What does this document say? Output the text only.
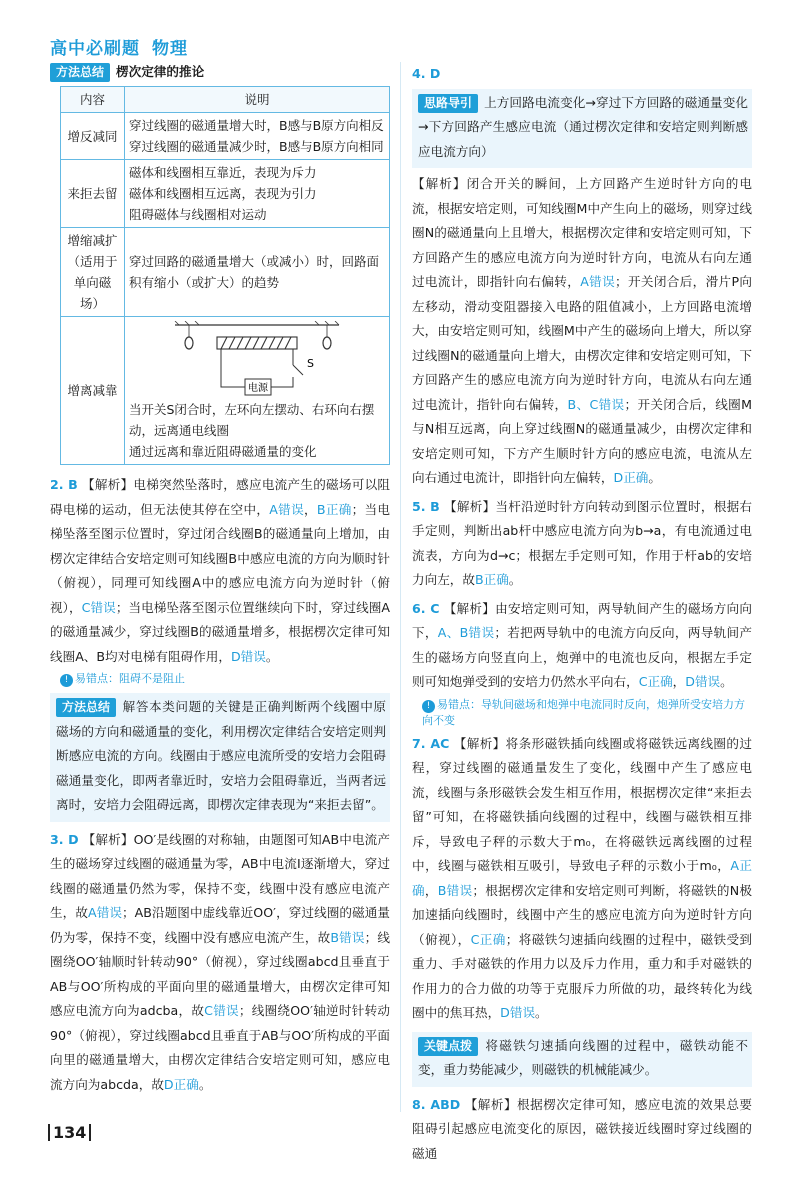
高中必刷题 物理
方法总结 楞次定律的推论
内容	说明
增反减同	穿过线圈的磁通量增大时，B感与B原方向相反
穿过线圈的磁通量减少时，B感与B原方向相同

来拒去留	磁体和线圈相互靠近，表现为斥力
磁体和线圈相互远离，表现为引力
阻碍磁体与线圈相对运动

增缩减扩（适用于单向磁场）	穿过回路的磁通量增大（或减小）时，回路面积有缩小（或扩大）的趋势
增离减靠	S
电源
当开关S闭合时，左环向左摆动、右环向右摆动，远离通电线圈
通过远离和靠近阻碍磁通量的变化
2. B 【解析】电梯突然坠落时，感应电流产生的磁场可以阻碍电梯的运动，但无法使其停在空中，A错误，B正确；当电梯坠落至图示位置时，穿过闭合线圈B的磁通量向上增加，由楞次定律结合安培定则可知线圈B中感应电流的方向为顺时针（俯视），同理可知线圈A中的感应电流方向为逆时针（俯视），C错误；当电梯坠落至图示位置继续向下时，穿过线圈A的磁通量减少，穿过线圈B的磁通量增多，根据楞次定律可知线圈A、B均对电梯有阻碍作用，D错误。
! 易错点：阻碍不是阻止
方法总结 解答本类问题的关键是正确判断两个线圈中原磁场的方向和磁通量的变化，利用楞次定律结合安培定则判断感应电流的方向。线圈由于感应电流所受的安培力会阻碍磁通量变化，即两者靠近时，安培力会阻碍靠近，当两者远离时，安培力会阻碍远离，即楞次定律表现为“来拒去留”。
3. D 【解析】OO′是线圈的对称轴，由题图可知AB中电流产生的磁场穿过线圈的磁通量为零，AB中电流I逐渐增大，穿过线圈的磁通量仍然为零，保持不变，线圈中没有感应电流产生，故A错误；AB沿题图中虚线靠近OO′，穿过线圈的磁通量仍为零，保持不变，线圈中没有感应电流产生，故B错误；线圈绕OO′轴顺时针转动90°（俯视），穿过线圈abcd且垂直于AB与OO′所构成的平面向里的磁通量增大，由楞次定律可知感应电流方向为adcba，故C错误；线圈绕OO′轴逆时针转动90°（俯视），穿过线圈abcd且垂直于AB与OO′所构成的平面向里的磁通量增大，由楞次定律结合安培定则可知，感应电流方向为abcda，故D正确。
4. D
思路导引 上方回路电流变化→穿过下方回路的磁通量变化→下方回路产生感应电流（通过楞次定律和安培定则判断感应电流方向）
【解析】闭合开关的瞬间，上方回路产生逆时针方向的电流，根据安培定则，可知线圈M中产生向上的磁场，则穿过线圈N的磁通量向上且增大，根据楞次定律和安培定则可知，下方回路产生的感应电流方向为逆时针方向，电流从右向左通过电流计，即指针向右偏转，A错误；开关闭合后，滑片P向左移动，滑动变阻器接入电路的阻值减小，上方回路电流增大，由安培定则可知，线圈M中产生的磁场向上增大，所以穿过线圈N的磁通量向上增大，由楞次定律和安培定则可知，下方回路产生的感应电流方向为逆时针方向，电流从右向左通过电流计，指针向右偏转，B、C错误；开关闭合后，线圈M与N相互远离，向上穿过线圈N的磁通量减少，由楞次定律和安培定则可知，下方产生顺时针方向的感应电流，电流从左向右通过电流计，即指针向左偏转，D正确。
5. B 【解析】当杆沿逆时针方向转动到图示位置时，根据右手定则，判断出ab杆中感应电流方向为b→a，有电流通过电流表，方向为d→c；根据左手定则可知，作用于杆ab的安培力向左，故B正确。
6. C 【解析】由安培定则可知，两导轨间产生的磁场方向向下，A、B错误；若把两导轨中的电流方向反向，两导轨间产生的磁场方向竖直向上，炮弹中的电流也反向，根据左手定则可知炮弹受到的安培力仍然水平向右，C正确，D错误。
! 易错点：导轨间磁场和炮弹中电流同时反向，炮弹所受安培力方向不变
7. AC 【解析】将条形磁铁插向线圈或将磁铁远离线圈的过程，穿过线圈的磁通量发生了变化，线圈中产生了感应电流，线圈与条形磁铁会发生相互作用，根据楞次定律“来拒去留”可知，在将磁铁插向线圈的过程中，线圈与磁铁相互排斥，导致电子秤的示数大于m₀，在将磁铁远离线圈的过程中，线圈与磁铁相互吸引，导致电子秤的示数小于m₀，A正确，B错误；根据楞次定律和安培定则可判断，将磁铁的N极加速插向线圈时，线圈中产生的感应电流方向为逆时针方向（俯视），C正确；将磁铁匀速插向线圈的过程中，磁铁受到重力、手对磁铁的作用力以及斥力作用，重力和手对磁铁的作用力的合力做的功等于克服斥力所做的功，最终转化为线圈中的焦耳热，D错误。
关键点拨 将磁铁匀速插向线圈的过程中，磁铁动能不变，重力势能减少，则磁铁的机械能减少。
8. ABD 【解析】根据楞次定律可知，感应电流的效果总要阻碍引起感应电流变化的原因，磁铁接近线圈时穿过线圈的磁通
134
